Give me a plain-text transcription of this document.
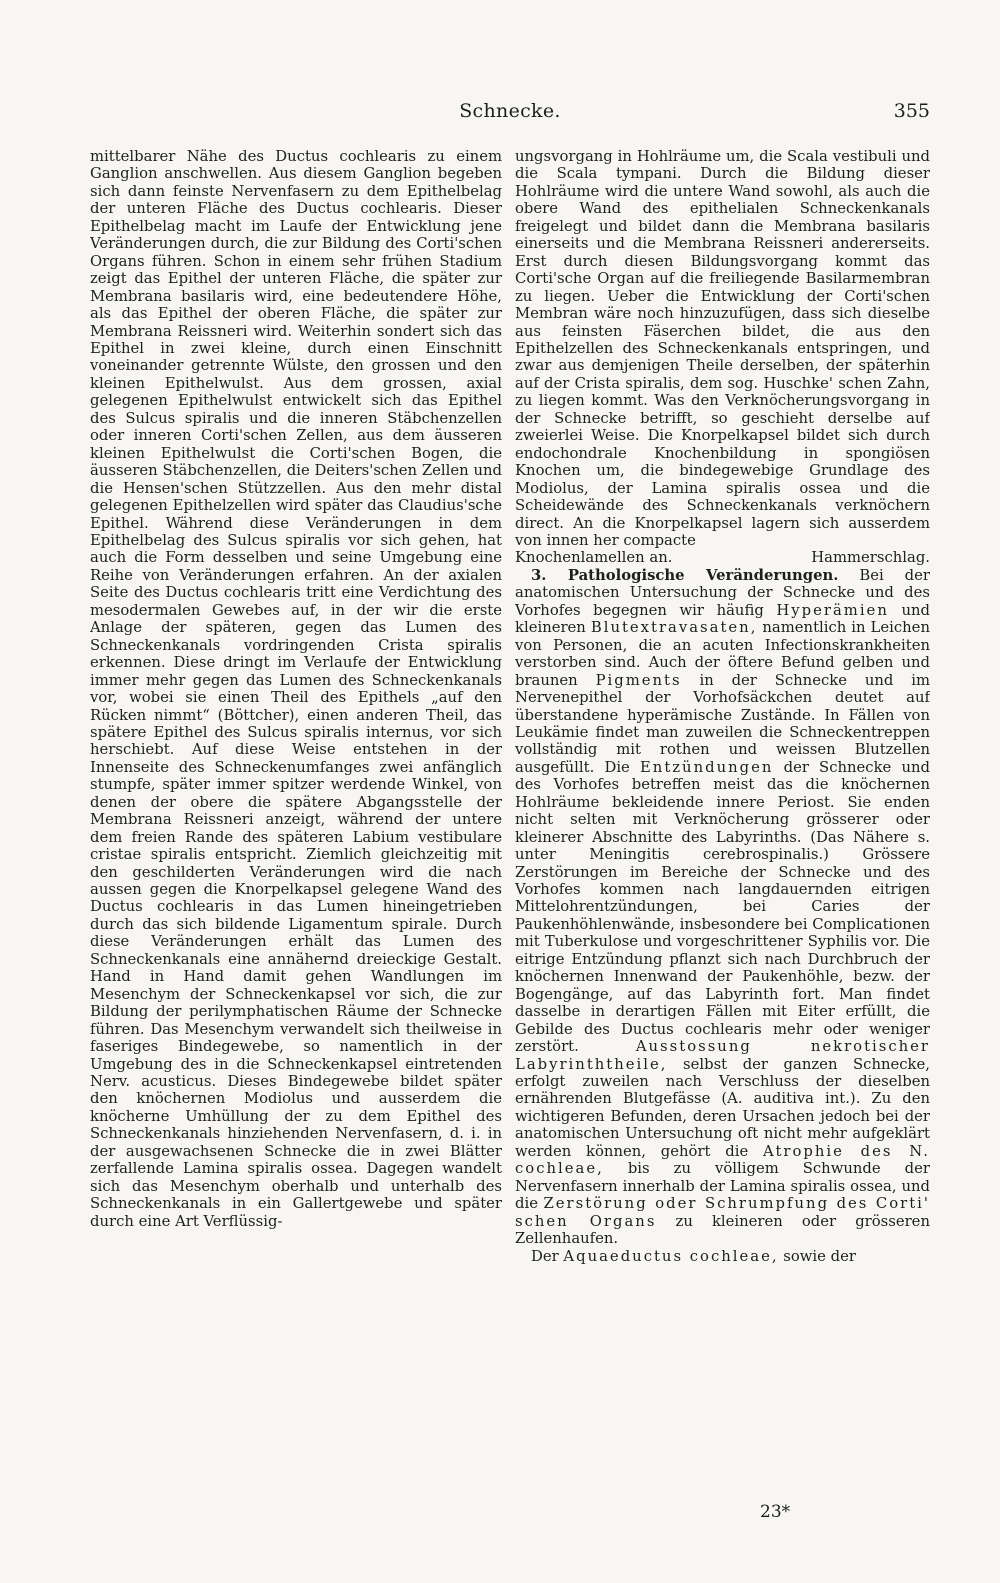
Schnecke.	355

mittelbarer Nähe des Ductus cochlearis zu einem Ganglion anschwellen. Aus diesem Ganglion begeben sich dann feinste Nervenfasern zu dem Epithelbelag der unteren Fläche des Ductus cochlearis. Dieser Epithelbelag macht im Laufe der Entwicklung jene Veränderungen durch, die zur Bildung des Corti'schen Organs führen. Schon in einem sehr frühen Stadium zeigt das Epithel der unteren Fläche, die später zur Membrana basilaris wird, eine bedeutendere Höhe, als das Epithel der oberen Fläche, die später zur Membrana Reissneri wird. Weiterhin sondert sich das Epithel in zwei kleine, durch einen Einschnitt voneinander getrennte Wülste, den grossen und den kleinen Epithelwulst. Aus dem grossen, axial gelegenen Epithelwulst entwickelt sich das Epithel des Sulcus spiralis und die inneren Stäbchenzellen oder inneren Corti'schen Zellen, aus dem äusseren kleinen Epithelwulst die Corti'schen Bogen, die äusseren Stäbchenzellen, die Deiters'schen Zellen und die Hensen'schen Stützzellen. Aus den mehr distal gelegenen Epithelzellen wird später das Claudius'sche Epithel. Während diese Veränderungen in dem Epithelbelag des Sulcus spiralis vor sich gehen, hat auch die Form desselben und seine Umgebung eine Reihe von Veränderungen erfahren. An der axialen Seite des Ductus cochlearis tritt eine Verdichtung des mesodermalen Gewebes auf, in der wir die erste Anlage der späteren, gegen das Lumen des Schneckenkanals vordringenden Crista spiralis erkennen. Diese dringt im Verlaufe der Entwicklung immer mehr gegen das Lumen des Schneckenkanals vor, wobei sie einen Theil des Epithels „auf den Rücken nimmt“ (Böttcher), einen anderen Theil, das spätere Epithel des Sulcus spiralis internus, vor sich herschiebt. Auf diese Weise entstehen in der Innenseite des Schneckenumfanges zwei anfänglich stumpfe, später immer spitzer werdende Winkel, von denen der obere die spätere Abgangsstelle der Membrana Reissneri anzeigt, während der untere dem freien Rande des späteren Labium vestibulare cristae spiralis entspricht. Ziemlich gleichzeitig mit den geschilderten Veränderungen wird die nach aussen gegen die Knorpelkapsel gelegene Wand des Ductus cochlearis in das Lumen hineingetrieben durch das sich bildende Ligamentum spirale. Durch diese Veränderungen erhält das Lumen des Schneckenkanals eine annähernd dreieckige Gestalt. Hand in Hand damit gehen Wandlungen im Mesenchym der Schneckenkapsel vor sich, die zur Bildung der perilymphatischen Räume der Schnecke führen. Das Mesenchym verwandelt sich theilweise in faseriges Bindegewebe, so namentlich in der Umgebung des in die Schneckenkapsel eintretenden Nerv. acusticus. Dieses Bindegewebe bildet später den knöchernen Modiolus und ausserdem die knöcherne Umhüllung der zu dem Epithel des Schneckenkanals hinziehenden Nervenfasern, d. i. in der ausgewachsenen Schnecke die in zwei Blätter zerfallende Lamina spiralis ossea. Dagegen wandelt sich das Mesenchym oberhalb und unterhalb des Schneckenkanals in ein Gallertgewebe und später durch eine Art Verflüssig-

ungsvorgang in Hohlräume um, die Scala vestibuli und die Scala tympani. Durch die Bildung dieser Hohlräume wird die untere Wand sowohl, als auch die obere Wand des epithelialen Schneckenkanals freigelegt und bildet dann die Membrana basilaris einerseits und die Membrana Reissneri andererseits. Erst durch diesen Bildungsvorgang kommt das Corti'sche Organ auf die freiliegende Basilarmembran zu liegen. Ueber die Entwicklung der Corti'schen Membran wäre noch hinzuzufügen, dass sich dieselbe aus feinsten Fäserchen bildet, die aus den Epithelzellen des Schneckenkanals entspringen, und zwar aus demjenigen Theile derselben, der späterhin auf der Crista spiralis, dem sog. Huschke' schen Zahn, zu liegen kommt. Was den Verknöcherungsvorgang in der Schnecke betrifft, so geschieht derselbe auf zweierlei Weise. Die Knorpelkapsel bildet sich durch endochondrale Knochenbildung in spongiösen Knochen um, die bindegewebige Grundlage des Modiolus, der Lamina spiralis ossea und die Scheidewände des Schneckenkanals verknöchern direct. An die Knorpelkapsel lagern sich ausserdem von innen her compacte

Knochenlamellen an.	Hammerschlag.

3. Pathologische Veränderungen. Bei der anatomischen Untersuchung der Schnecke und des Vorhofes begegnen wir häufig Hyperämien und kleineren Blutextravasaten, namentlich in Leichen von Personen, die an acuten Infectionskrankheiten verstorben sind. Auch der öftere Befund gelben und braunen Pigments in der Schnecke und im Nervenepithel der Vorhofsäckchen deutet auf überstandene hyperämische Zustände. In Fällen von Leukämie findet man zuweilen die Schneckentreppen vollständig mit rothen und weissen Blutzellen ausgefüllt. Die Entzündungen der Schnecke und des Vorhofes betreffen meist das die knöchernen Hohlräume bekleidende innere Periost. Sie enden nicht selten mit Verknöcherung grösserer oder kleinerer Abschnitte des Labyrinths. (Das Nähere s. unter Meningitis cerebrospinalis.) Grössere Zerstörungen im Bereiche der Schnecke und des Vorhofes kommen nach langdauernden eitrigen Mittelohrentzündungen, bei Caries der Paukenhöhlenwände, insbesondere bei Complicationen mit Tuberkulose und vorgeschrittener Syphilis vor. Die eitrige Entzündung pflanzt sich nach Durchbruch der knöchernen Innenwand der Paukenhöhle, bezw. der Bogengänge, auf das Labyrinth fort. Man findet dasselbe in derartigen Fällen mit Eiter erfüllt, die Gebilde des Ductus cochlearis mehr oder weniger zerstört.	Ausstossung nekrotischer Labyrinththeile, selbst der ganzen Schnecke, erfolgt zuweilen nach Verschluss der dieselben ernährenden Blutgefässe (A. auditiva int.). Zu den wichtigeren Befunden, deren Ursachen jedoch bei der anatomischen Untersuchung oft nicht mehr aufgeklärt werden können, gehört die Atrophie des N. cochleae, bis zu völligem Schwunde der Nervenfasern innerhalb der Lamina spiralis ossea, und die Zerstörung oder Schrumpfung des Corti' schen Organs zu kleineren oder grösseren Zellenhaufen.

Der Aquaeductus cochleae, sowie der

23*
